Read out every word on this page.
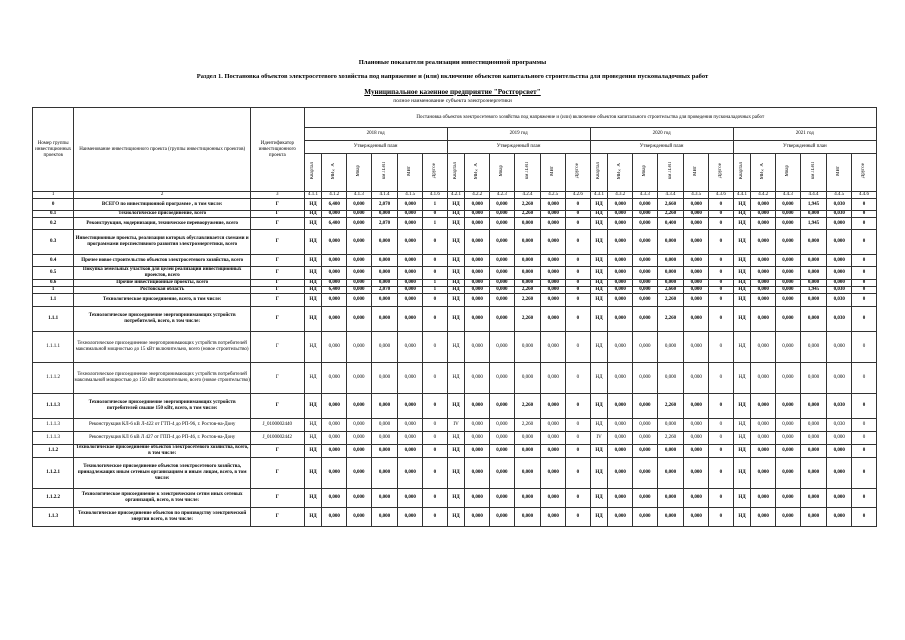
Плановые показатели реализации инвестиционной программы
Раздел 1. Постановка объектов электросетевого хозяйства под напряжение и (или) включение объектов капитального строительства для проведения пусконаладочных работ
Муниципальное казенное предприятие "Ростгорсвет"
полное наименование субъекта электроэнергетики
Номер группы инвестиционных проектов	Наименование инвестиционного проекта (группы инвестиционных проектов)	Идентификатор инвестиционного проекта	Постановка объектов электросетевого хозяйства под напряжение и (или) включение объектов капитального строительства для проведения пусконаладочных работ																							
			2018 год						2019 год						2020 год						2021 год					
			Утвержденный план						Утвержденный план						Утвержденный план						Утвержденный план					
			Квартал	МВ×А	Мвар	км ЛЭП	МВт	Другое	Квартал	МВ×А	Мвар	км ЛЭП	МВт	Другое	Квартал	МВ×А	Мвар	км ЛЭП	МВт	Другое	Квартал	МВ×А	Мвар	км ЛЭП	МВт	Другое
1	2	3	4.1.1	4.1.2	4.1.3	4.1.4	4.1.5	4.1.6	4.2.1	4.2.2	4.2.3	4.2.4	4.2.5	4.2.6	4.3.1	4.3.2	4.3.3	4.3.4	4.3.5	4.3.6	4.4.1	4.4.2	4.4.3	4.4.4	4.4.5	4.4.6
0	ВСЕГО по инвестиционной программе , в том числе:	Г	НД	6,400	0,000	2,070	0,000	1	НД	0,000	0,000	2,260	0,000	0	НД	0,000	0,000	2,660	0,000	0	НД	0,000	0,000	1,945	0,030	0
0.1	Технологическое присоединение, всего	Г	НД	0,000	0,000	0,000	0,000	0	НД	0,000	0,000	2,260	0,000	0	НД	0,000	0,000	2,260	0,000	0	НД	0,000	0,000	0,000	0,030	0
0.2	Реконструкция, модернизация, техническое перевооружение, всего	Г	НД	6,400	0,000	2,070	0,000	1	НД	0,000	0,000	0,000	0,000	0	НД	0,000	0,000	0,400	0,000	0	НД	0,000	0,000	1,945	0,000	0
0.3	Инвестиционные проекты, реализация которых обуславливается схемами и программами перспективного развития электроэнергетики, всего	Г	НД	0,000	0,000	0,000	0,000	0	НД	0,000	0,000	0,000	0,000	0	НД	0,000	0,000	0,000	0,000	0	НД	0,000	0,000	0,000	0,000	0
0.4	Прочее новое строительство объектов электросетевого хозяйства, всего	Г	НД	0,000	0,000	0,000	0,000	0	НД	0,000	0,000	0,000	0,000	0	НД	0,000	0,000	0,000	0,000	0	НД	0,000	0,000	0,000	0,000	0
0.5	Покупка земельных участков для целей реализации инвестиционных проектов, всего	Г	НД	0,000	0,000	0,000	0,000	0	НД	0,000	0,000	0,000	0,000	0	НД	0,000	0,000	0,000	0,000	0	НД	0,000	0,000	0,000	0,000	0
0.6	Прочие инвестиционные проекты, всего	Г	НД	0,000	0,000	0,000	0,000	1	НД	0,000	0,000	0,000	0,000	0	НД	0,000	0,000	0,000	0,000	0	НД	0,000	0,000	0,000	0,000	0
1	Ростовская область	Г	НД	6,400	0,000	2,070	0,000	1	НД	0,000	0,000	2,260	0,000	0	НД	0,000	0,000	2,660	0,000	0	НД	0,000	0,000	1,945	0,030	0
1.1	Технологическое присоединение, всего, в том числе:	Г	НД	0,000	0,000	0,000	0,000	0	НД	0,000	0,000	2,260	0,000	0	НД	0,000	0,000	2,260	0,000	0	НД	0,000	0,000	0,000	0,030	0
1.1.1	Технологическое присоединение энергопринимающих устройств потребителей, всего, в том числе:	Г	НД	0,000	0,000	0,000	0,000	0	НД	0,000	0,000	2,260	0,000	0	НД	0,000	0,000	2,260	0,000	0	НД	0,000	0,000	0,000	0,030	0
1.1.1.1	Технологическое присоединение энергопринимающих устройств потребителей максимальной мощностью до 15 кВт включительно, всего (новое строительство)	Г	НД	0,000	0,000	0,000	0,000	0	НД	0,000	0,000	0,000	0,000	0	НД	0,000	0,000	0,000	0,000	0	НД	0,000	0,000	0,000	0,000	0
1.1.1.2	Технологическое присоединение энергопринимающих устройств потребителей максимальной мощностью до 150 кВт включительно, всего (новое строительство)	Г	НД	0,000	0,000	0,000	0,000	0	НД	0,000	0,000	0,000	0,000	0	НД	0,000	0,000	0,000	0,000	0	НД	0,000	0,000	0,000	0,000	0
1.1.1.3	Технологическое присоединение энергопринимающих устройств потребителей свыше 150 кВт, всего, в том числе:	Г	НД	0,000	0,000	0,000	0,000	0	НД	0,000	0,000	2,260	0,000	0	НД	0,000	0,000	2,260	0,000	0	НД	0,000	0,000	0,000	0,030	0
1.1.1.3	Реконструкция КЛ-6 кВ Л-422 от ГТП-4 до РП-96, г. Ростов-на-Дону	J_0100002440	НД	0,000	0,000	0,000	0,000	0	IV	0,000	0,000	2,260	0,000	0	НД	0,000	0,000	0,000	0,000	0	НД	0,000	0,000	0,000	0,030	0
1.1.1.3	Реконструкция КЛ 6 кВ Л 427 от ГПП-4 до РП-46, г. Ростов-на-Дону	J_0100002442	НД	0,000	0,000	0,000	0,000	0	НД	0,000	0,000	0,000	0,000	0	IV	0,000	0,000	2,260	0,000	0	НД	0,000	0,000	0,000	0,000	0
1.1.2	Технологическое присоединение объектов электросетевого хозяйства, всего, в том числе:	Г	НД	0,000	0,000	0,000	0,000	0	НД	0,000	0,000	0,000	0,000	0	НД	0,000	0,000	0,000	0,000	0	НД	0,000	0,000	0,000	0,000	0
1.1.2.1	Технологическое присоединение объектов электросетевого хозяйства, принадлежащих иным сетевым организациям и иным лицам, всего, в том числе:	Г	НД	0,000	0,000	0,000	0,000	0	НД	0,000	0,000	0,000	0,000	0	НД	0,000	0,000	0,000	0,000	0	НД	0,000	0,000	0,000	0,000	0
1.1.2.2	Технологическое присоединение к электрическим сетям иных сетевых организаций, всего, в том числе:	Г	НД	0,000	0,000	0,000	0,000	0	НД	0,000	0,000	0,000	0,000	0	НД	0,000	0,000	0,000	0,000	0	НД	0,000	0,000	0,000	0,000	0
1.1.3	Технологическое присоединение объектов по производству электрической энергии всего, в том числе:	Г	НД	0,000	0,000	0,000	0,000	0	НД	0,000	0,000	0,000	0,000	0	НД	0,000	0,000	0,000	0,000	0	НД	0,000	0,000	0,000	0,000	0
